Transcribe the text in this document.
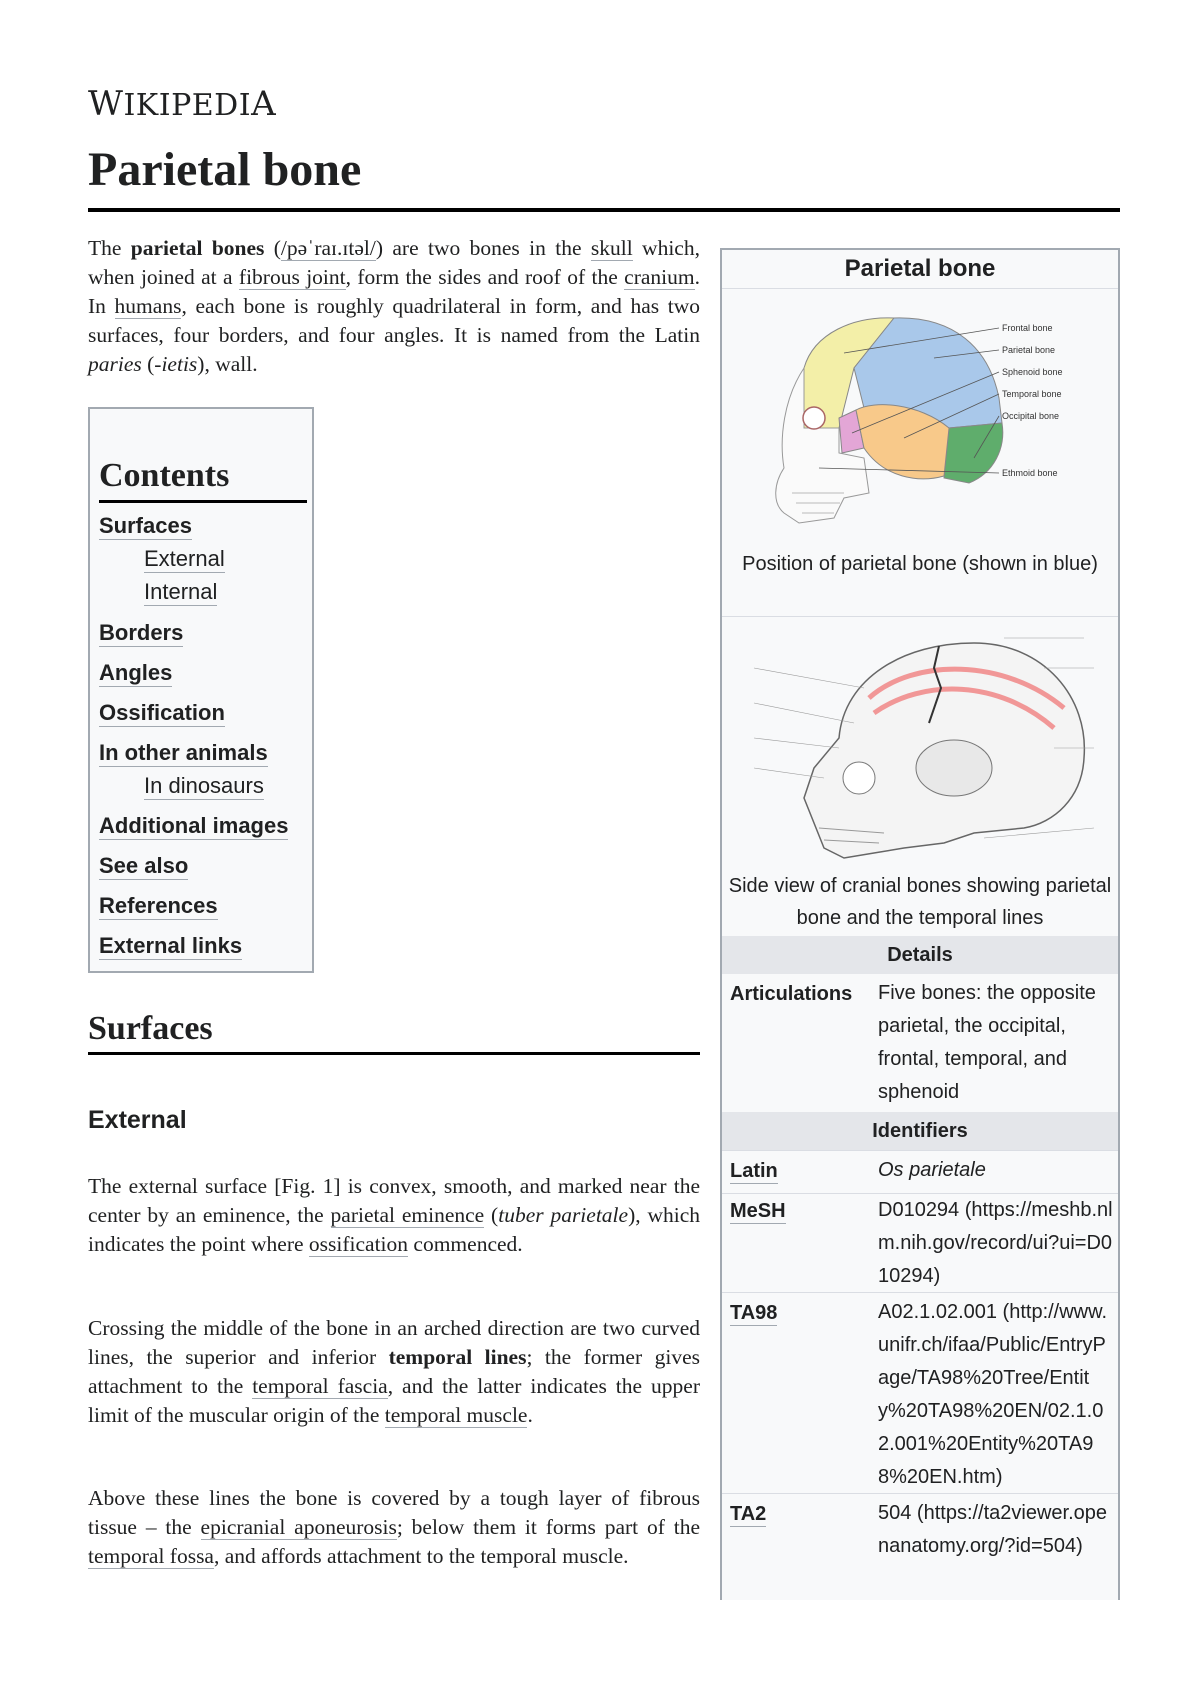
WIKIPEDIA
Parietal bone
The parietal bones (/pəˈraɪ.ɪtəl/) are two bones in the skull which, when joined at a fibrous joint, form the sides and roof of the cranium. In humans, each bone is roughly quadrilateral in form, and has two surfaces, four borders, and four angles. It is named from the Latin paries (-ietis), wall.
Contents
Surfaces
External
Internal
Borders
Angles
Ossification
In other animals
In dinosaurs
Additional images
See also
References
External links
Surfaces
External
The external surface [Fig. 1] is convex, smooth, and marked near the center by an eminence, the parietal eminence (tuber parietale), which indicates the point where ossification commenced.
Crossing the middle of the bone in an arched direction are two curved lines, the superior and inferior temporal lines; the former gives attachment to the temporal fascia, and the latter indicates the upper limit of the muscular origin of the temporal muscle.
Above these lines the bone is covered by a tough layer of fibrous tissue – the epicranial aponeurosis; below them it forms part of the temporal fossa, and affords attachment to the temporal muscle.
Parietal bone
Frontal bone
Parietal bone
Sphenoid bone
Temporal bone
Occipital bone
Ethmoid bone
Position of parietal bone (shown in blue)
Side view of cranial bones showing parietal bone and the temporal lines
Details
Articulations Five bones: the opposite parietal, the occipital, frontal, temporal, and sphenoid
Identifiers
Latin	Os parietale
MeSH	D010294 (https://meshb.nlm.nih.gov/record/ui?ui=D010294)
TA98	A02.1.02.001 (http://www.unifr.ch/ifaa/Public/EntryPage/TA98%20Tree/Entity%20TA98%20EN/02.1.02.001%20Entity%20TA98%20EN.htm)
TA2	504 (https://ta2viewer.openanatomy.org/?id=504)
